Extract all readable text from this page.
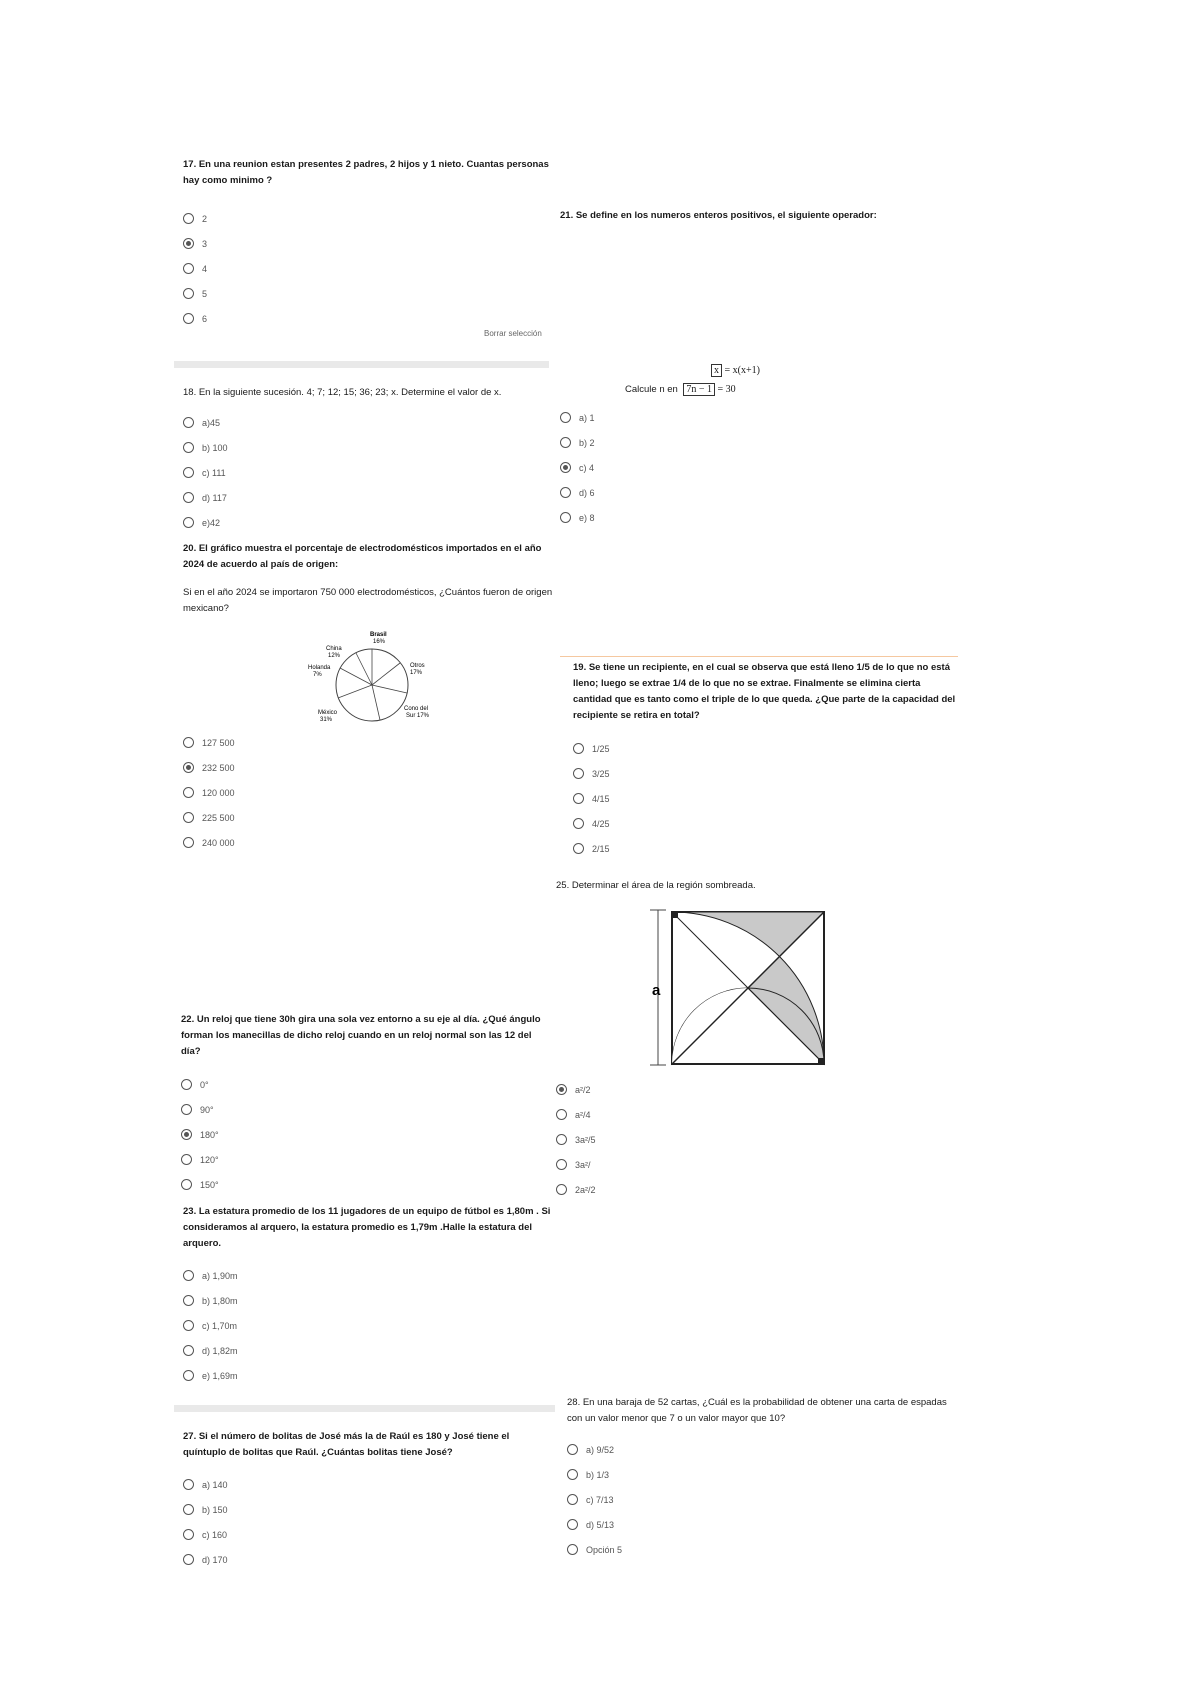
17. En una reunion estan presentes 2 padres, 2 hijos y 1 nieto. Cuantas personas hay como minimo ?

2
3
4
5
6
Borrar selección

18. En la siguiente sucesión. 4; 7; 12; 15; 36; 23; x. Determine el valor de x.

a)45
b) 100
c) 111
d) 117
e)42

20. El gráfico muestra el porcentaje de electrodomésticos importados en el año 2024 de acuerdo al país de origen:

Si en el año 2024 se importaron 750 000 electrodomésticos, ¿Cuántos fueron de origen mexicano?

Brasil
16%
China
12%
Holanda
7%
Otros
17%
México
31%
Cono del
Sur 17%
127 500
232 500
120 000
225 500
240 000

21. Se define en los numeros enteros positivos, el siguiente operador:

x = x(x+1)
Calcule n en 7n − 1 = 30
a) 1
b) 2
c) 4
d) 6
e) 8

19. Se tiene un recipiente, en el cual se observa que está lleno 1/5 de lo que no está lleno; luego se extrae 1/4 de lo que no se extrae. Finalmente se elimina cierta cantidad que es tanto como el triple de lo que queda. ¿Que parte de la capacidad del recipiente se retira en total?

1/25
3/25
4/15
4/25
2/15

25. Determinar el área de la región sombreada.

a
a²/2
a²/4
3a²/5
3a²/
2a²/2

22. Un reloj que tiene 30h gira una sola vez entorno a su eje al día. ¿Qué ángulo forman los manecillas de dicho reloj cuando en un reloj normal son las 12 del día?

0°
90°
180°
120°
150°

23. La estatura promedio de los 11 jugadores de un equipo de fútbol es 1,80m . Si consideramos al arquero, la estatura promedio es 1,79m .Halle la estatura del arquero.

a) 1,90m
b) 1,80m
c) 1,70m
d) 1,82m
e) 1,69m

28. En una baraja de 52 cartas, ¿Cuál es la probabilidad de obtener una carta de espadas con un valor menor que 7 o un valor mayor que 10?

a) 9/52
b) 1/3
c) 7/13
d) 5/13
Opción 5

27. Si el número de bolitas de José más la de Raúl es 180 y José tiene el quíntuplo de bolitas que Raúl. ¿Cuántas bolitas tiene José?

a) 140
b) 150
c) 160
d) 170
